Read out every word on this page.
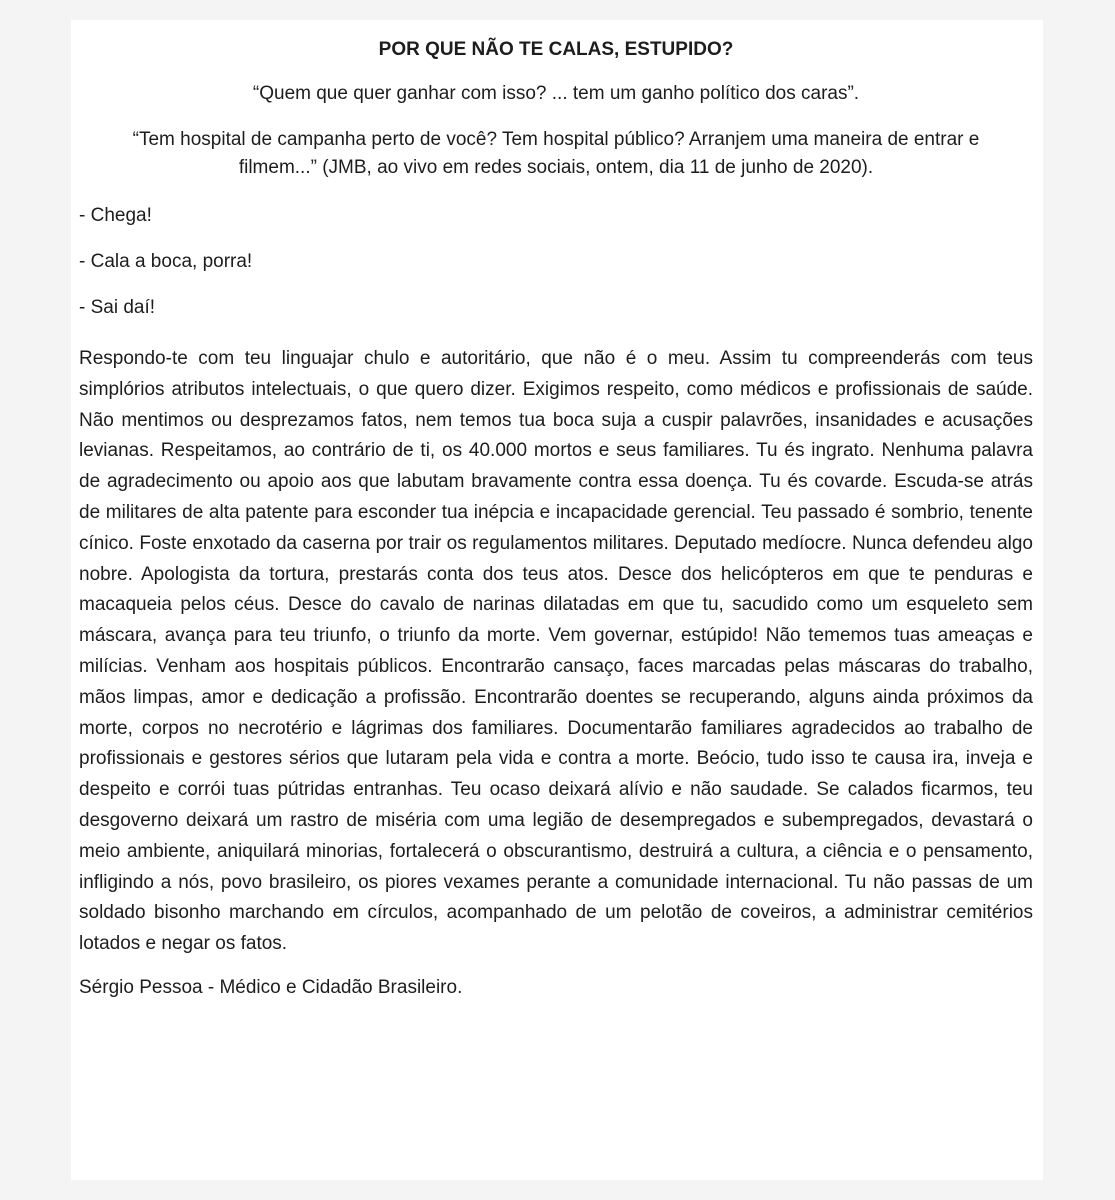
POR QUE NÃO TE CALAS, ESTUPIDO?
“Quem que quer ganhar com isso? ... tem um ganho político dos caras”.
“Tem hospital de campanha perto de você? Tem hospital público? Arranjem uma maneira de entrar e filmem...” (JMB, ao vivo em redes sociais, ontem, dia 11 de junho de 2020).
- Chega!
- Cala a boca, porra!
- Sai daí!
Respondo-te com teu linguajar chulo e autoritário, que não é o meu. Assim tu compreenderás com teus simplórios atributos intelectuais, o que quero dizer. Exigimos respeito, como médicos e profissionais de saúde. Não mentimos ou desprezamos fatos, nem temos tua boca suja a cuspir palavrões, insanidades e acusações levianas. Respeitamos, ao contrário de ti, os 40.000 mortos e seus familiares. Tu és ingrato. Nenhuma palavra de agradecimento ou apoio aos que labutam bravamente contra essa doença. Tu és covarde. Escuda-se atrás de militares de alta patente para esconder tua inépcia e incapacidade gerencial. Teu passado é sombrio, tenente cínico. Foste enxotado da caserna por trair os regulamentos militares. Deputado medíocre. Nunca defendeu algo nobre. Apologista da tortura, prestarás conta dos teus atos. Desce dos helicópteros em que te penduras e macaqueia pelos céus. Desce do cavalo de narinas dilatadas em que tu, sacudido como um esqueleto sem máscara, avança para teu triunfo, o triunfo da morte. Vem governar, estúpido! Não tememos tuas ameaças e milícias. Venham aos hospitais públicos. Encontrarão cansaço, faces marcadas pelas máscaras do trabalho, mãos limpas, amor e dedicação a profissão. Encontrarão doentes se recuperando, alguns ainda próximos da morte, corpos no necrotério e lágrimas dos familiares. Documentarão familiares agradecidos ao trabalho de profissionais e gestores sérios que lutaram pela vida e contra a morte. Beócio, tudo isso te causa ira, inveja e despeito e corrói tuas pútridas entranhas. Teu ocaso deixará alívio e não saudade. Se calados ficarmos, teu desgoverno deixará um rastro de miséria com uma legião de desempregados e subempregados, devastará o meio ambiente, aniquilará minorias, fortalecerá o obscurantismo, destruirá a cultura, a ciência e o pensamento, infligindo a nós, povo brasileiro, os piores vexames perante a comunidade internacional. Tu não passas de um soldado bisonho marchando em círculos, acompanhado de um pelotão de coveiros, a administrar cemitérios lotados e negar os fatos.
Sérgio Pessoa - Médico e Cidadão Brasileiro.
